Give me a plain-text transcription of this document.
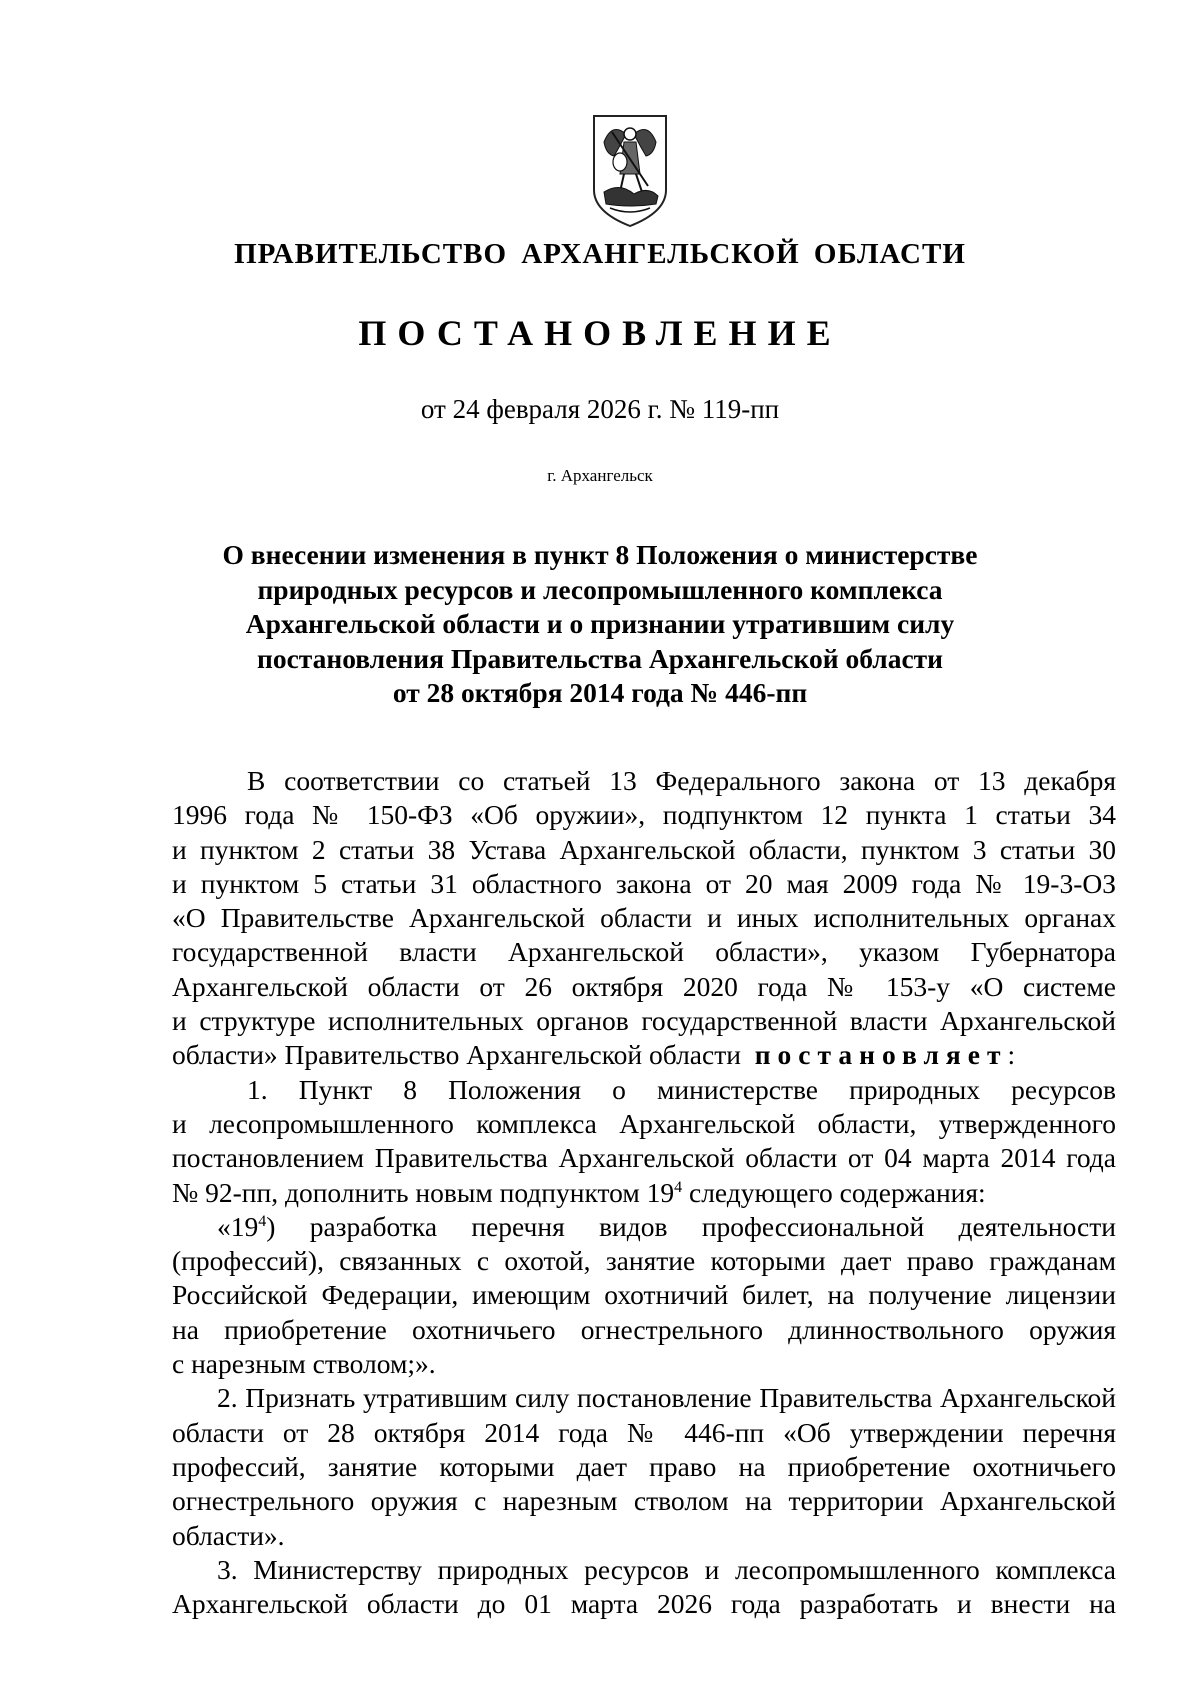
ПРАВИТЕЛЬСТВО АРХАНГЕЛЬСКОЙ ОБЛАСТИ
ПОСТАНОВЛЕНИЕ
от 24 февраля 2026 г. № 119-пп
г. Архангельск
О внесении изменения в пункт 8 Положения о министерстве
природных ресурсов и лесопромышленного комплекса
Архангельской области и о признании утратившим силу
постановления Правительства Архангельской области
от 28 октября 2014 года № 446-пп
В соответствии со статьей 13 Федерального закона от 13 декабря
1996 года № 150-ФЗ «Об оружии», подпунктом 12 пункта 1 статьи 34
и пунктом 2 статьи 38 Устава Архангельской области, пунктом 3 статьи 30
и пунктом 5 статьи 31 областного закона от 20 мая 2009 года № 19-3-ОЗ
«О Правительстве Архангельской области и иных исполнительных органах
государственной власти Архангельской области», указом Губернатора
Архангельской области от 26 октября 2020 года № 153-у «О системе
и структуре исполнительных органов государственной власти Архангельской
области» Правительство Архангельской области постановляет:
1. Пункт 8 Положения о министерстве природных ресурсов
и лесопромышленного комплекса Архангельской области, утвержденного
постановлением Правительства Архангельской области от 04 марта 2014 года
№ 92-пп, дополнить новым подпунктом $19^4$ следующего содержания:
«$19^4$) разработка перечня видов профессиональной деятельности
(профессий), связанных с охотой, занятие которыми дает право гражданам
Российской Федерации, имеющим охотничий билет, на получение лицензии
на приобретение охотничьего огнестрельного длинноствольного оружия
с нарезным стволом;».
2. Признать утратившим силу постановление Правительства Архангельской
области от 28 октября 2014 года № 446-пп «Об утверждении перечня
профессий, занятие которыми дает право на приобретение охотничьего
огнестрельного оружия с нарезным стволом на территории Архангельской
области».
3. Министерству природных ресурсов и лесопромышленного комплекса
Архангельской области до 01 марта 2026 года разработать и внести на
